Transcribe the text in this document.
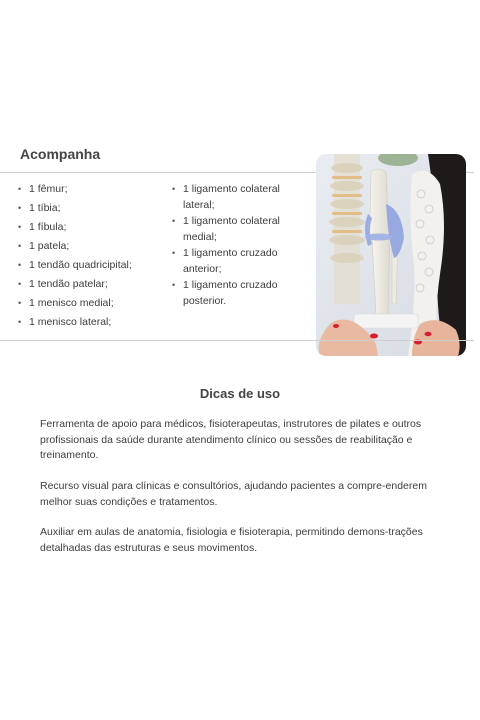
Acompanha
• 1 fêmur;
• 1 tíbia;
• 1 fíbula;
• 1 patela;
• 1 tendão quadricipital;
• 1 tendão patelar;
• 1 menisco medial;
• 1 menisco lateral;
• 1 ligamento colateral lateral;
• 1 ligamento colateral medial;
• 1 ligamento cruzado anterior;
• 1 ligamento cruzado posterior.
Dicas de uso

Ferramenta de apoio para médicos, fisioterapeutas, instrutores de pilates e outros profissionais da saúde durante atendimento clínico ou sessões de reabilitação e treinamento.

Recurso visual para clínicas e consultórios, ajudando pacientes a compre-enderem melhor suas condições e tratamentos.

Auxiliar em aulas de anatomia, fisiologia e fisioterapia, permitindo demons-trações detalhadas das estruturas e seus movimentos.
